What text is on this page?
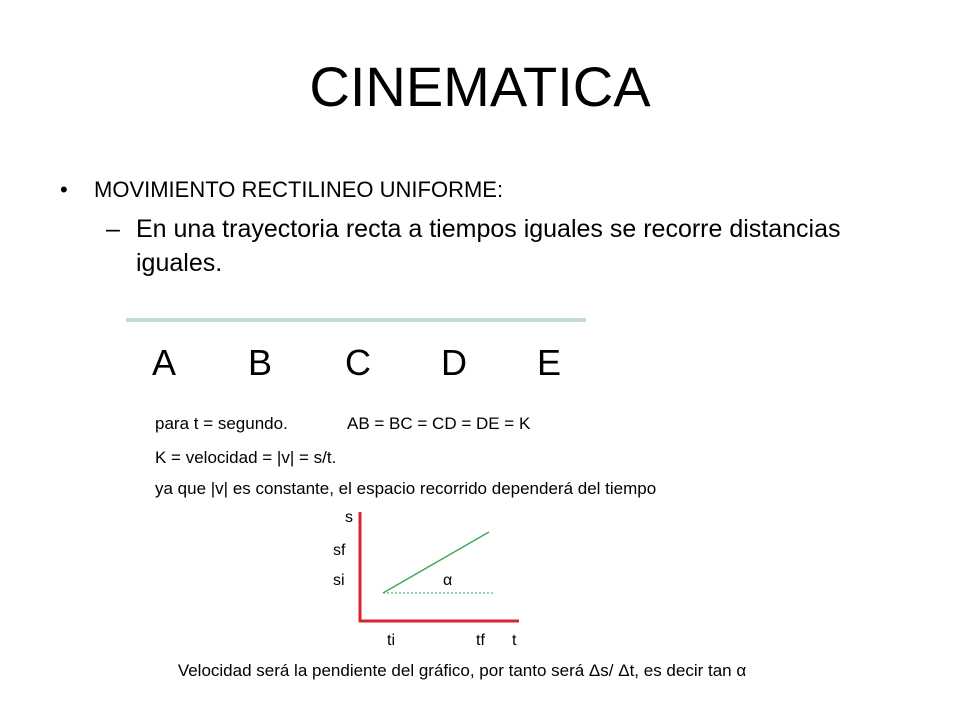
CINEMATICA
• MOVIMIENTO RECTILINEO UNIFORME:
– En una trayectoria recta a tiempos iguales se recorre distancias
iguales.
A B C D E
para t = segundo.	AB = BC = CD = DE = K
K = velocidad = |v| = s/t.
ya que |v| es constante, el espacio recorrido dependerá del tiempo
s
sf
si	α
ti	tf t
Velocidad será la pendiente del gráfico, por tanto será Δs/ Δt, es decir tan α
